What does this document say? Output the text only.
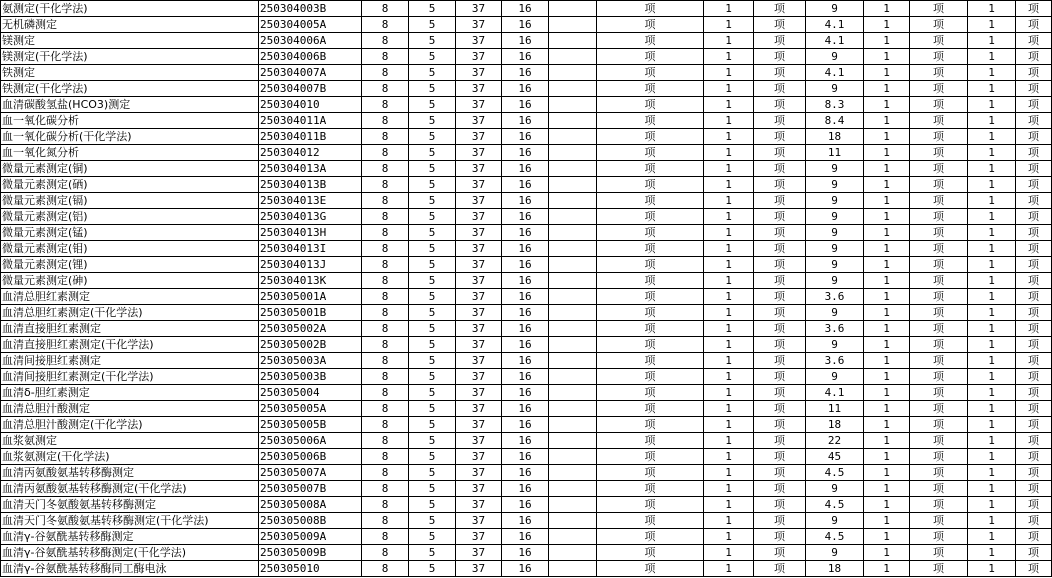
氨测定(干化学法)	250304003B	8	5	37	16		项	1	项	9	1	项	1	项
无机磷测定	250304005A	8	5	37	16		项	1	项	4.1	1	项	1	项
镁测定	250304006A	8	5	37	16		项	1	项	4.1	1	项	1	项
镁测定(干化学法)	250304006B	8	5	37	16		项	1	项	9	1	项	1	项
铁测定	250304007A	8	5	37	16		项	1	项	4.1	1	项	1	项
铁测定(干化学法)	250304007B	8	5	37	16		项	1	项	9	1	项	1	项
血清碳酸氢盐(HCO3)测定	250304010	8	5	37	16		项	1	项	8.3	1	项	1	项
血一氧化碳分析	250304011A	8	5	37	16		项	1	项	8.4	1	项	1	项
血一氧化碳分析(干化学法)	250304011B	8	5	37	16		项	1	项	18	1	项	1	项
血一氧化氮分析	250304012	8	5	37	16		项	1	项	11	1	项	1	项
微量元素测定(铜)	250304013A	8	5	37	16		项	1	项	9	1	项	1	项
微量元素测定(硒)	250304013B	8	5	37	16		项	1	项	9	1	项	1	项
微量元素测定(镉)	250304013E	8	5	37	16		项	1	项	9	1	项	1	项
微量元素测定(铝)	250304013G	8	5	37	16		项	1	项	9	1	项	1	项
微量元素测定(锰)	250304013H	8	5	37	16		项	1	项	9	1	项	1	项
微量元素测定(钼)	250304013I	8	5	37	16		项	1	项	9	1	项	1	项
微量元素测定(锂)	250304013J	8	5	37	16		项	1	项	9	1	项	1	项
微量元素测定(砷)	250304013K	8	5	37	16		项	1	项	9	1	项	1	项
血清总胆红素测定	250305001A	8	5	37	16		项	1	项	3.6	1	项	1	项
血清总胆红素测定(干化学法)	250305001B	8	5	37	16		项	1	项	9	1	项	1	项
血清直接胆红素测定	250305002A	8	5	37	16		项	1	项	3.6	1	项	1	项
血清直接胆红素测定(干化学法)	250305002B	8	5	37	16		项	1	项	9	1	项	1	项
血清间接胆红素测定	250305003A	8	5	37	16		项	1	项	3.6	1	项	1	项
血清间接胆红素测定(干化学法)	250305003B	8	5	37	16		项	1	项	9	1	项	1	项
血清δ-胆红素测定	250305004	8	5	37	16		项	1	项	4.1	1	项	1	项
血清总胆汁酸测定	250305005A	8	5	37	16		项	1	项	11	1	项	1	项
血清总胆汁酸测定(干化学法)	250305005B	8	5	37	16		项	1	项	18	1	项	1	项
血浆氨测定	250305006A	8	5	37	16		项	1	项	22	1	项	1	项
血浆氨测定(干化学法)	250305006B	8	5	37	16		项	1	项	45	1	项	1	项
血清丙氨酸氨基转移酶测定	250305007A	8	5	37	16		项	1	项	4.5	1	项	1	项
血清丙氨酸氨基转移酶测定(干化学法)	250305007B	8	5	37	16		项	1	项	9	1	项	1	项
血清天门冬氨酸氨基转移酶测定	250305008A	8	5	37	16		项	1	项	4.5	1	项	1	项
血清天门冬氨酸氨基转移酶测定(干化学法)	250305008B	8	5	37	16		项	1	项	9	1	项	1	项
血清γ-谷氨酰基转移酶测定	250305009A	8	5	37	16		项	1	项	4.5	1	项	1	项
血清γ-谷氨酰基转移酶测定(干化学法)	250305009B	8	5	37	16		项	1	项	9	1	项	1	项
血清γ-谷氨酰基转移酶同工酶电泳	250305010	8	5	37	16		项	1	项	18	1	项	1	项
